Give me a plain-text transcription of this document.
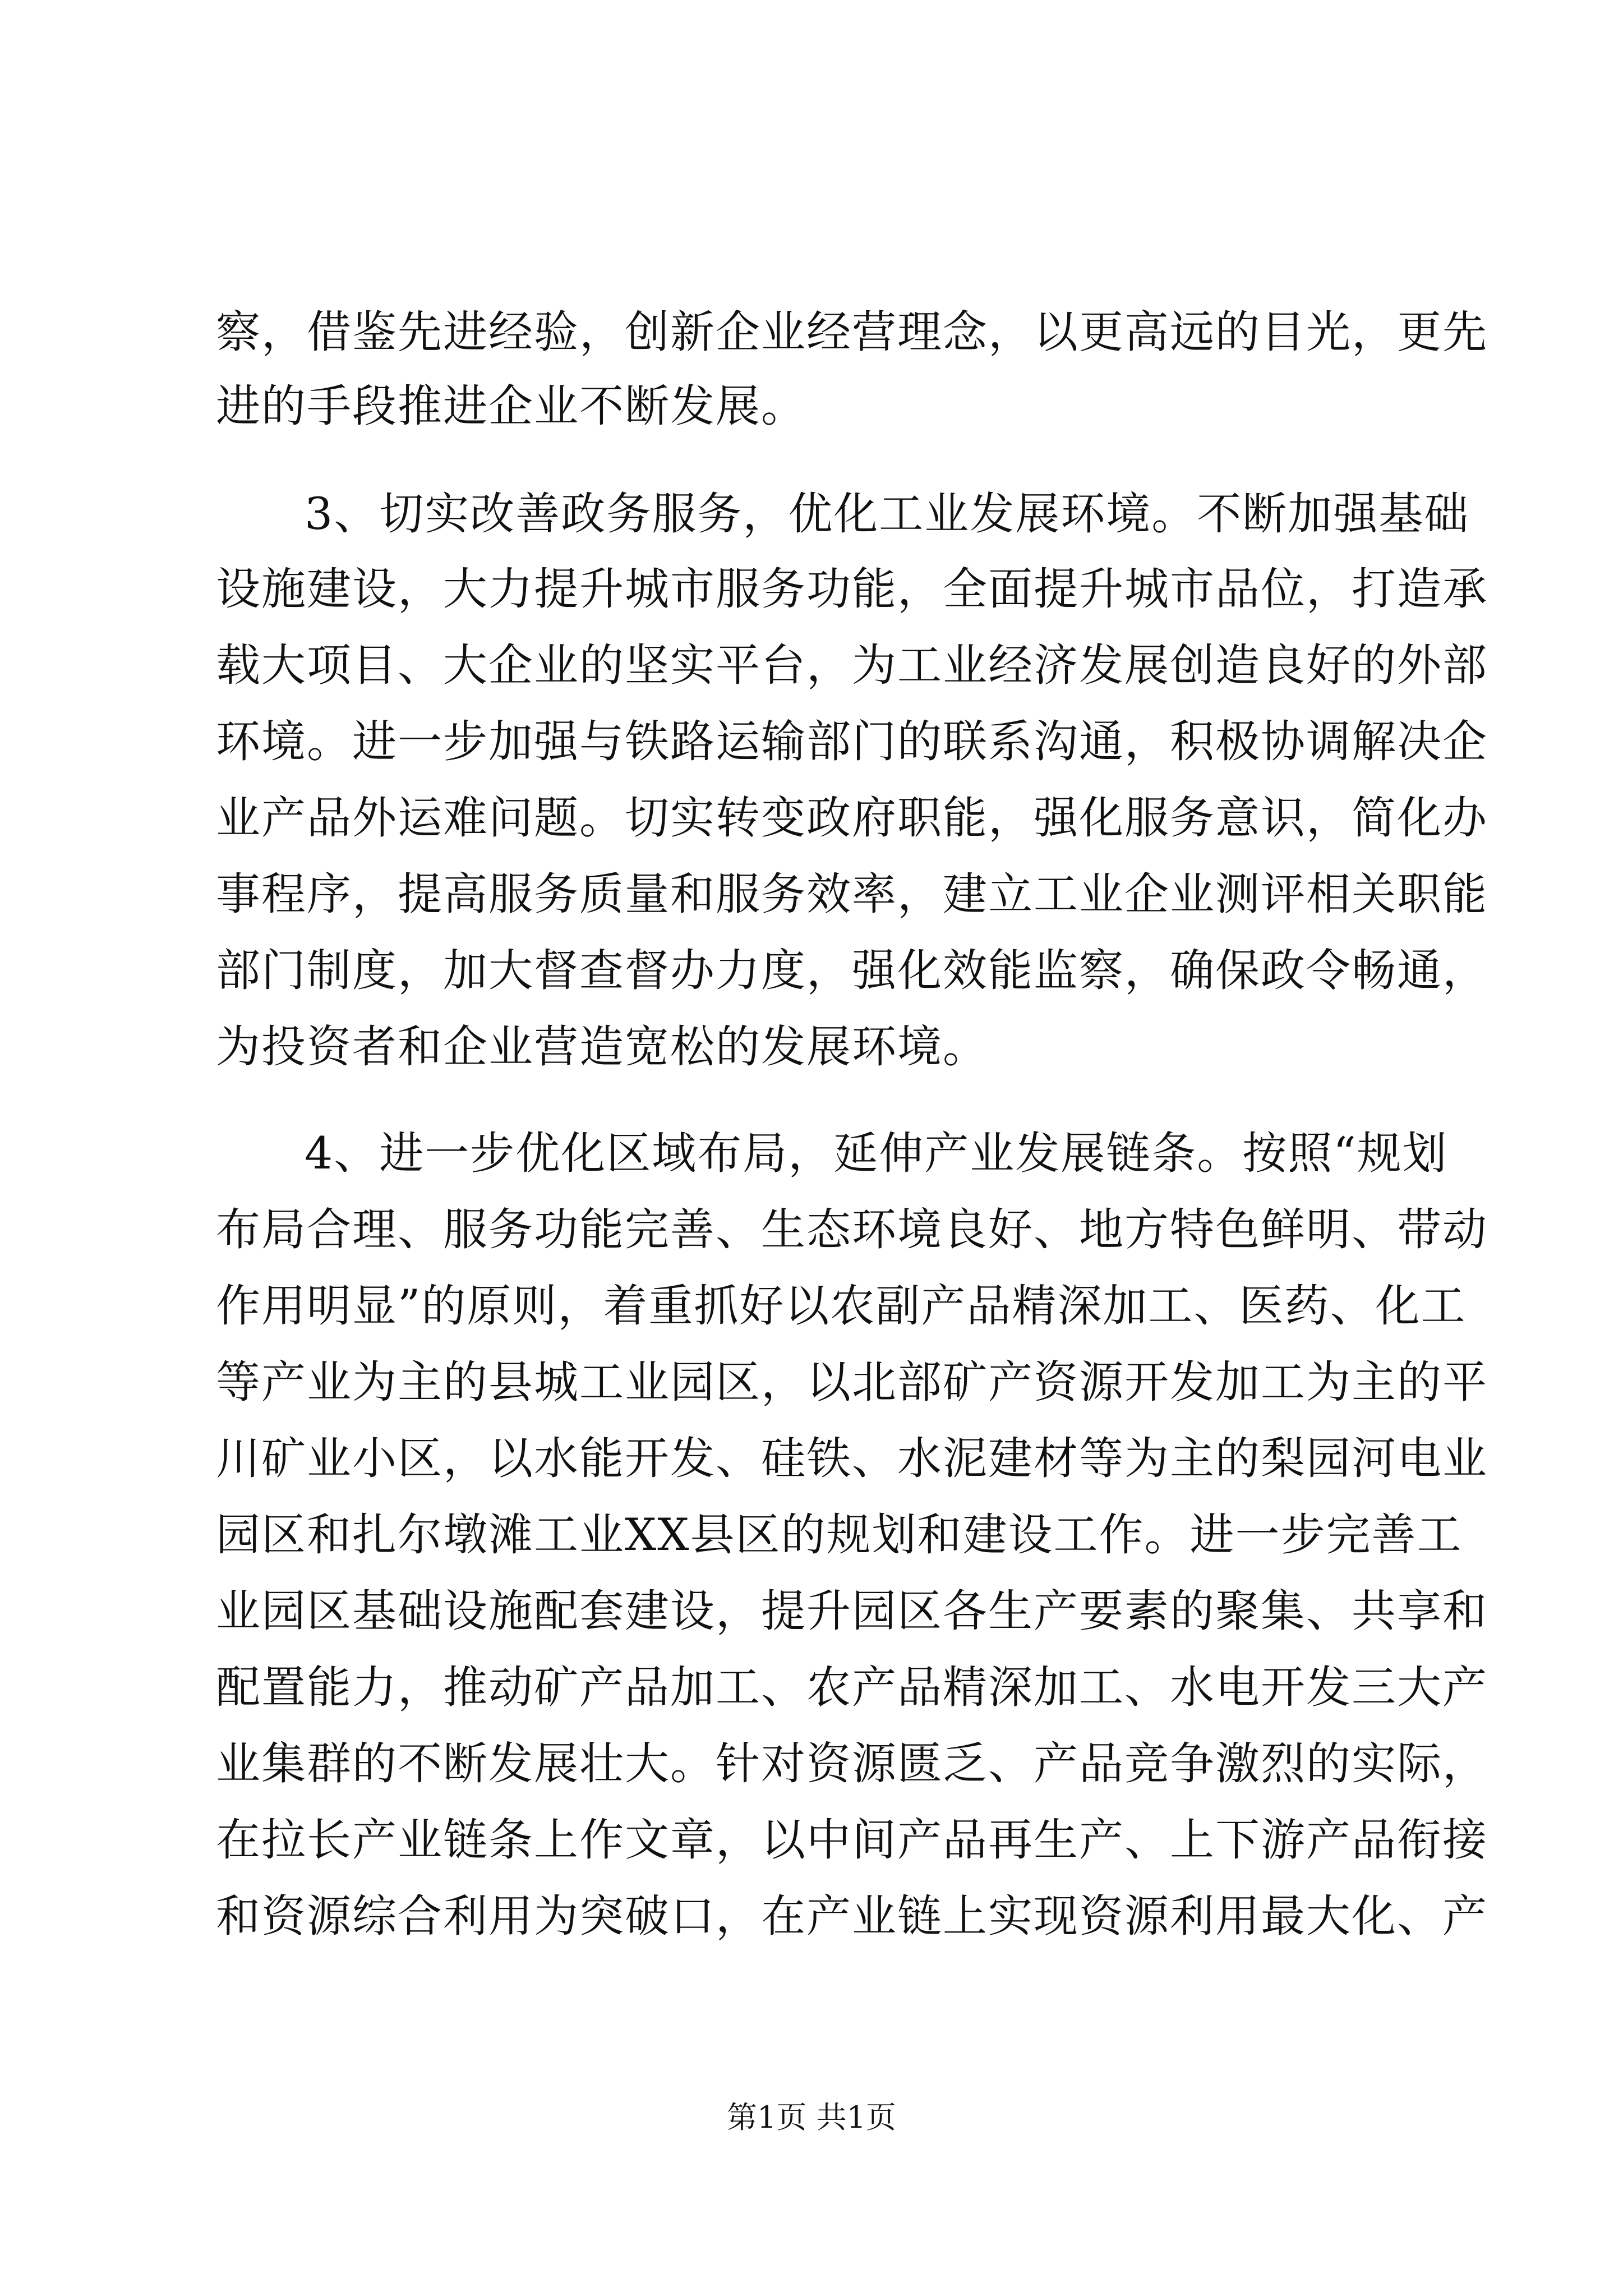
察，借鉴先进经验，创新企业经营理念，以更高远的目光，更先
进的手段推进企业不断发展。
3、切实改善政务服务，优化工业发展环境。不断加强基础
设施建设，大力提升城市服务功能，全面提升城市品位，打造承
载大项目、大企业的坚实平台，为工业经济发展创造良好的外部
环境。进一步加强与铁路运输部门的联系沟通，积极协调解决企
业产品外运难问题。切实转变政府职能，强化服务意识，简化办
事程序，提高服务质量和服务效率，建立工业企业测评相关职能
部门制度，加大督查督办力度，强化效能监察，确保政令畅通，
为投资者和企业营造宽松的发展环境。
4、进一步优化区域布局，延伸产业发展链条。按照“规划
布局合理、服务功能完善、生态环境良好、地方特色鲜明、带动
作用明显”的原则，着重抓好以农副产品精深加工、医药、化工
等产业为主的县城工业园区，以北部矿产资源开发加工为主的平
川矿业小区，以水能开发、硅铁、水泥建材等为主的梨园河电业
园区和扎尔墩滩工业XX县区的规划和建设工作。进一步完善工
业园区基础设施配套建设，提升园区各生产要素的聚集、共享和
配置能力，推动矿产品加工、农产品精深加工、水电开发三大产
业集群的不断发展壮大。针对资源匮乏、产品竞争激烈的实际，
在拉长产业链条上作文章，以中间产品再生产、上下游产品衔接
和资源综合利用为突破口，在产业链上实现资源利用最大化、产
第1页 共1页
